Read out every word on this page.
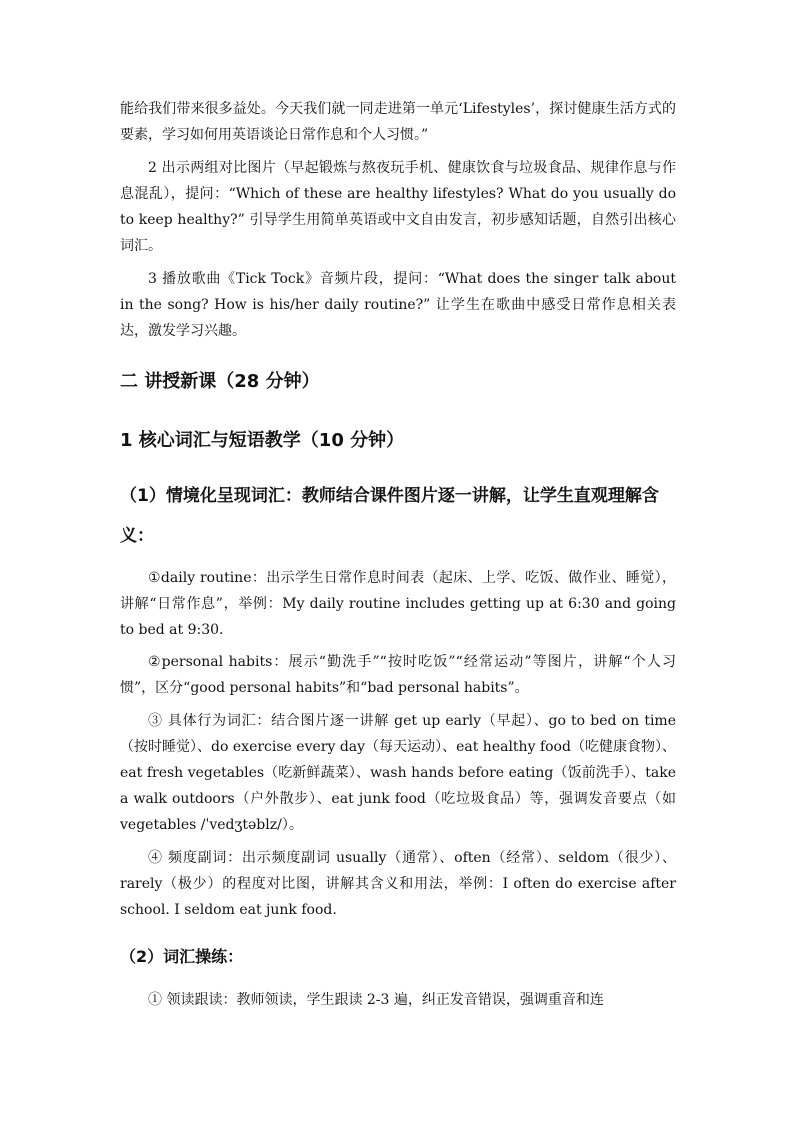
能给我们带来很多益处。今天我们就一同走进第一单元‘Lifestyles’，探讨健康生活方式的要素，学习如何用英语谈论日常作息和个人习惯。”

2 出示两组对比图片（早起锻炼与熬夜玩手机、健康饮食与垃圾食品、规律作息与作息混乱），提问：“Which of these are healthy lifestyles? What do you usually do to keep healthy?” 引导学生用简单英语或中文自由发言，初步感知话题，自然引出核心词汇。

3 播放歌曲《Tick Tock》音频片段，提问：“What does the singer talk about in the song? How is his/her daily routine?” 让学生在歌曲中感受日常作息相关表达，激发学习兴趣。

二 讲授新课（28 分钟）
1 核心词汇与短语教学（10 分钟）
（1）情境化呈现词汇：教师结合课件图片逐一讲解，让学生直观理解含义：

①daily routine：出示学生日常作息时间表（起床、上学、吃饭、做作业、睡觉），讲解“日常作息”，举例：My daily routine includes getting up at 6:30 and going to bed at 9:30.

②personal habits：展示“勤洗手”“按时吃饭”“经常运动”等图片，讲解“个人习惯”，区分“good personal habits”和“bad personal habits”。

③ 具体行为词汇：结合图片逐一讲解 get up early（早起）、go to bed on time（按时睡觉）、do exercise every day（每天运动）、eat healthy food（吃健康食物）、eat fresh vegetables（吃新鲜蔬菜）、wash hands before eating（饭前洗手）、take a walk outdoors（户外散步）、eat junk food（吃垃圾食品）等，强调发音要点（如 vegetables /ˈvedʒtəblz/）。

④ 频度副词：出示频度副词 usually（通常）、often（经常）、seldom（很少）、rarely（极少）的程度对比图，讲解其含义和用法，举例：I often do exercise after school. I seldom eat junk food.

（2）词汇操练：

① 领读跟读：教师领读，学生跟读 2-3 遍，纠正发音错误，强调重音和连
